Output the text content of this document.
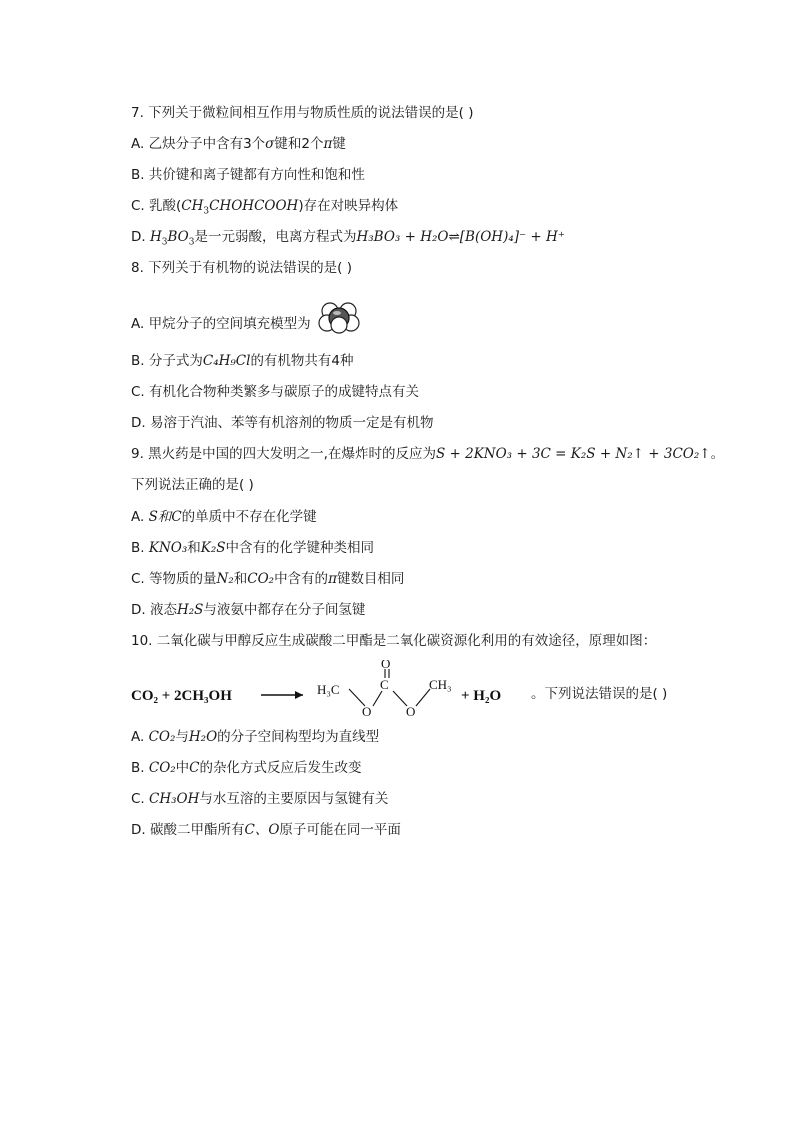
7. 下列关于微粒间相互作用与物质性质的说法错误的是( )
A. 乙炔分子中含有3个σ键和2个π键
B. 共价键和离子键都有方向性和饱和性
C. 乳酸$(CH_3CHOHCOOH)$存在对映异构体
D. $H_3BO_3$是一元弱酸，电离方程式为H₃BO₃ + H₂O⇌[B(OH)₄]⁻ + H⁺
8. 下列关于有机物的说法错误的是( )
A. 甲烷分子的空间填充模型为
B. 分子式为C₄H₉Cl的有机物共有4种
C. 有机化合物种类繁多与碳原子的成键特点有关
D. 易溶于汽油、苯等有机溶剂的物质一定是有机物
9. 黑火药是中国的四大发明之一,在爆炸时的反应为S + 2KNO₃ + 3C = K₂S + N₂↑ + 3CO₂↑。
下列说法正确的是( )
A. S和C的单质中不存在化学键
B. KNO₃和K₂S中含有的化学键种类相同
C. 等物质的量N₂和CO₂中含有的π键数目相同
D. 液态H₂S与液氨中都存在分子间氢键
10. 二氧化碳与甲醇反应生成碳酸二甲酯是二氧化碳资源化利用的有效途径，原理如图：
CO₂ + 2CH₃OH	H₃C
O
C
O
O
CH₃
+ H₂O 。下列说法错误的是( )
A. CO₂与H₂O的分子空间构型均为直线型
B. CO₂中C的杂化方式反应后发生改变
C. CH₃OH与水互溶的主要原因与氢键有关
D. 碳酸二甲酯所有C、O原子可能在同一平面
